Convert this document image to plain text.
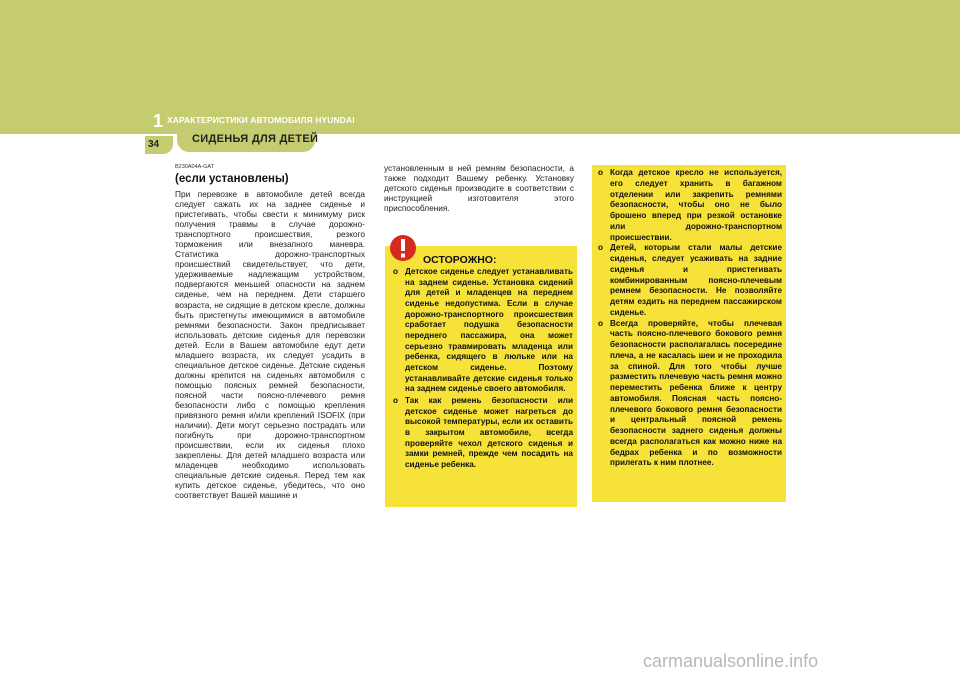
1 ХАРАКТЕРИСТИКИ АВТОМОБИЛЯ HYUNDAI
34	СИДЕНЬЯ ДЛЯ ДЕТЕЙ

B230A04A-GAT

(если установлены)

При перевозке в автомобиле детей всегда следует сажать их на заднее сиденье и пристегивать, чтобы свести к минимуму риск получения травмы в случае дорожно-транспортного происшествия, резкого торможения или внезапного маневра. Статистика дорожно-транспортных происшествий свидетельствует, что дети, удерживаемые надлежащим устройством, подвергаются меньшей опасности на заднем сиденье, чем на переднем. Дети старшего возраста, не сидящие в детском кресле, должны быть пристегнуты имеющимися в автомобиле ремнями безопасности. Закон предписывает использовать детские сиденья для перевозки детей. Если в Вашем автомобиле едут дети младшего возраста, их следует усадить в специальное детское сиденье. Детские сиденья должны крепится на сиденьях автомобиля с помощью поясных ремней безопасности, поясной части поясно-плечевого ремня безопасности либо с помощью крепления привязного ремня и/или креплений ISOFIX (при наличии). Дети могут серьезно пострадать или погибнуть при дорожно-транспортном происшествии, если их сиденья плохо закреплены. Для детей младшего возраста или младенцев необходимо использовать специальные детские сиденья. Перед тем как купить детское сиденье, убедитесь, что оно соответствует Вашей машине и

установленным в ней ремням безопасности, а также подходит Вашему ребенку. Установку детского сиденья производите в соответствии с инструкцией изготовителя этого приспособления.

ОСТОРОЖНО:
o Детское сиденье следует устанавливать на заднем сиденье. Установка сидений для детей и младенцев на переднем сиденье недопустима. Если в случае дорожно-транспортного происшествия сработает подушка безопасности переднего пассажира, она может серьезно травмировать младенца или ребенка, сидящего в люльке или на детском сиденье. Поэтому устанавливайте детские сиденья только на заднем сиденье своего автомобиля.
o Так как ремень безопасности или детское сиденье может нагреться до высокой температуры, если их оставить в закрытом автомобиле, всегда проверяйте чехол детского сиденья и замки ремней, прежде чем посадить на сиденье ребенка.
o Когда детское кресло не используется, его следует хранить в багажном отделении или закрепить ремнями безопасности, чтобы оно не было брошено вперед при резкой остановке или дорожно-транспортном происшествии.
o Детей, которым стали малы детские сиденья, следует усаживать на задние сиденья и пристегивать комбинированным поясно-плечевым ремнем безопасности. Не позволяйте детям ездить на переднем пассажирском сиденье.
o Всегда проверяйте, чтобы плечевая часть поясно-плечевого бокового ремня безопасности располагалась посередине плеча, а не касалась шеи и не проходила за спиной. Для того чтобы лучше разместить плечевую часть ремня можно переместить ребенка ближе к центру автомобиля. Поясная часть поясно-плечевого бокового ремня безопасности и центральный поясной ремень безопасности заднего сиденья должны всегда располагаться как можно ниже на бедрах ребенка и по возможности прилегать к ним плотнее.
carmanualsonline.info
